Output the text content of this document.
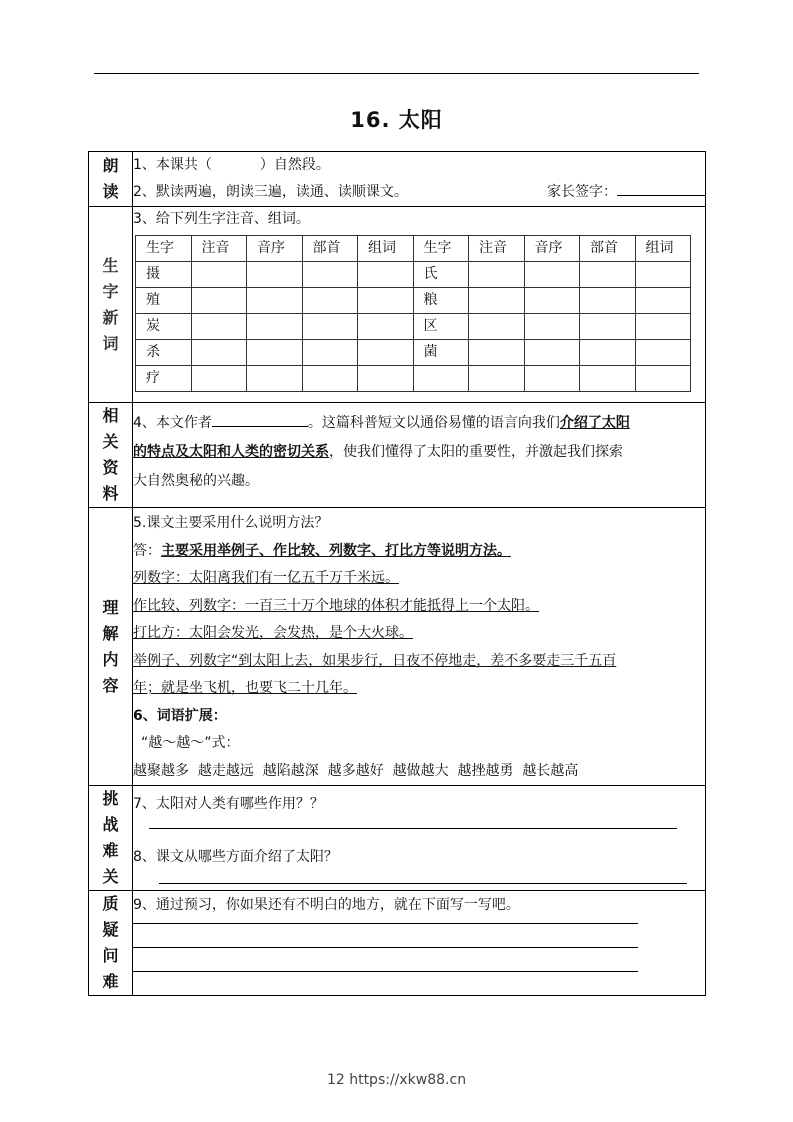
16. 太阳
朗
读

1、本课共（	）自然段。
2、默读两遍，朗读三遍，读通、读顺课文。	家长签字：

生
字
新
词

3、给下列生字注音、组词。
生字	注音	音序	部首	组词	生字	注音	音序	部首	组词
摄					氏				
殖					粮				
炭					区				
杀					菌				
疗									

相
关
资
料

4、本文作者	。这篇科普短文以通俗易懂的语言向我们介绍了太阳
的特点及太阳和人类的密切关系，使我们懂得了太阳的重要性，并激起我们探索
大自然奥秘的兴趣。

理
解
内
容

5.课文主要采用什么说明方法？
答：主要采用举例子、作比较、列数字、打比方等说明方法。
列数字：太阳离我们有一亿五千万千米远。
作比较、列数字：一百三十万个地球的体积才能抵得上一个太阳。
打比方：太阳会发光，会发热，是个大火球。
举例子、列数字“到太阳上去，如果步行，日夜不停地走，差不多要走三千五百
年；就是坐飞机，也要飞二十几年。
6、词语扩展：
“越～越～”式：
越聚越多  越走越远  越陷越深  越多越好  越做越大  越挫越勇  越长越高

挑
战
难
关

7、太阳对人类有哪些作用？？
8、课文从哪些方面介绍了太阳？

质
疑
问
难

9、通过预习，你如果还有不明白的地方，就在下面写一写吧。
12 https://xkw88.cn
